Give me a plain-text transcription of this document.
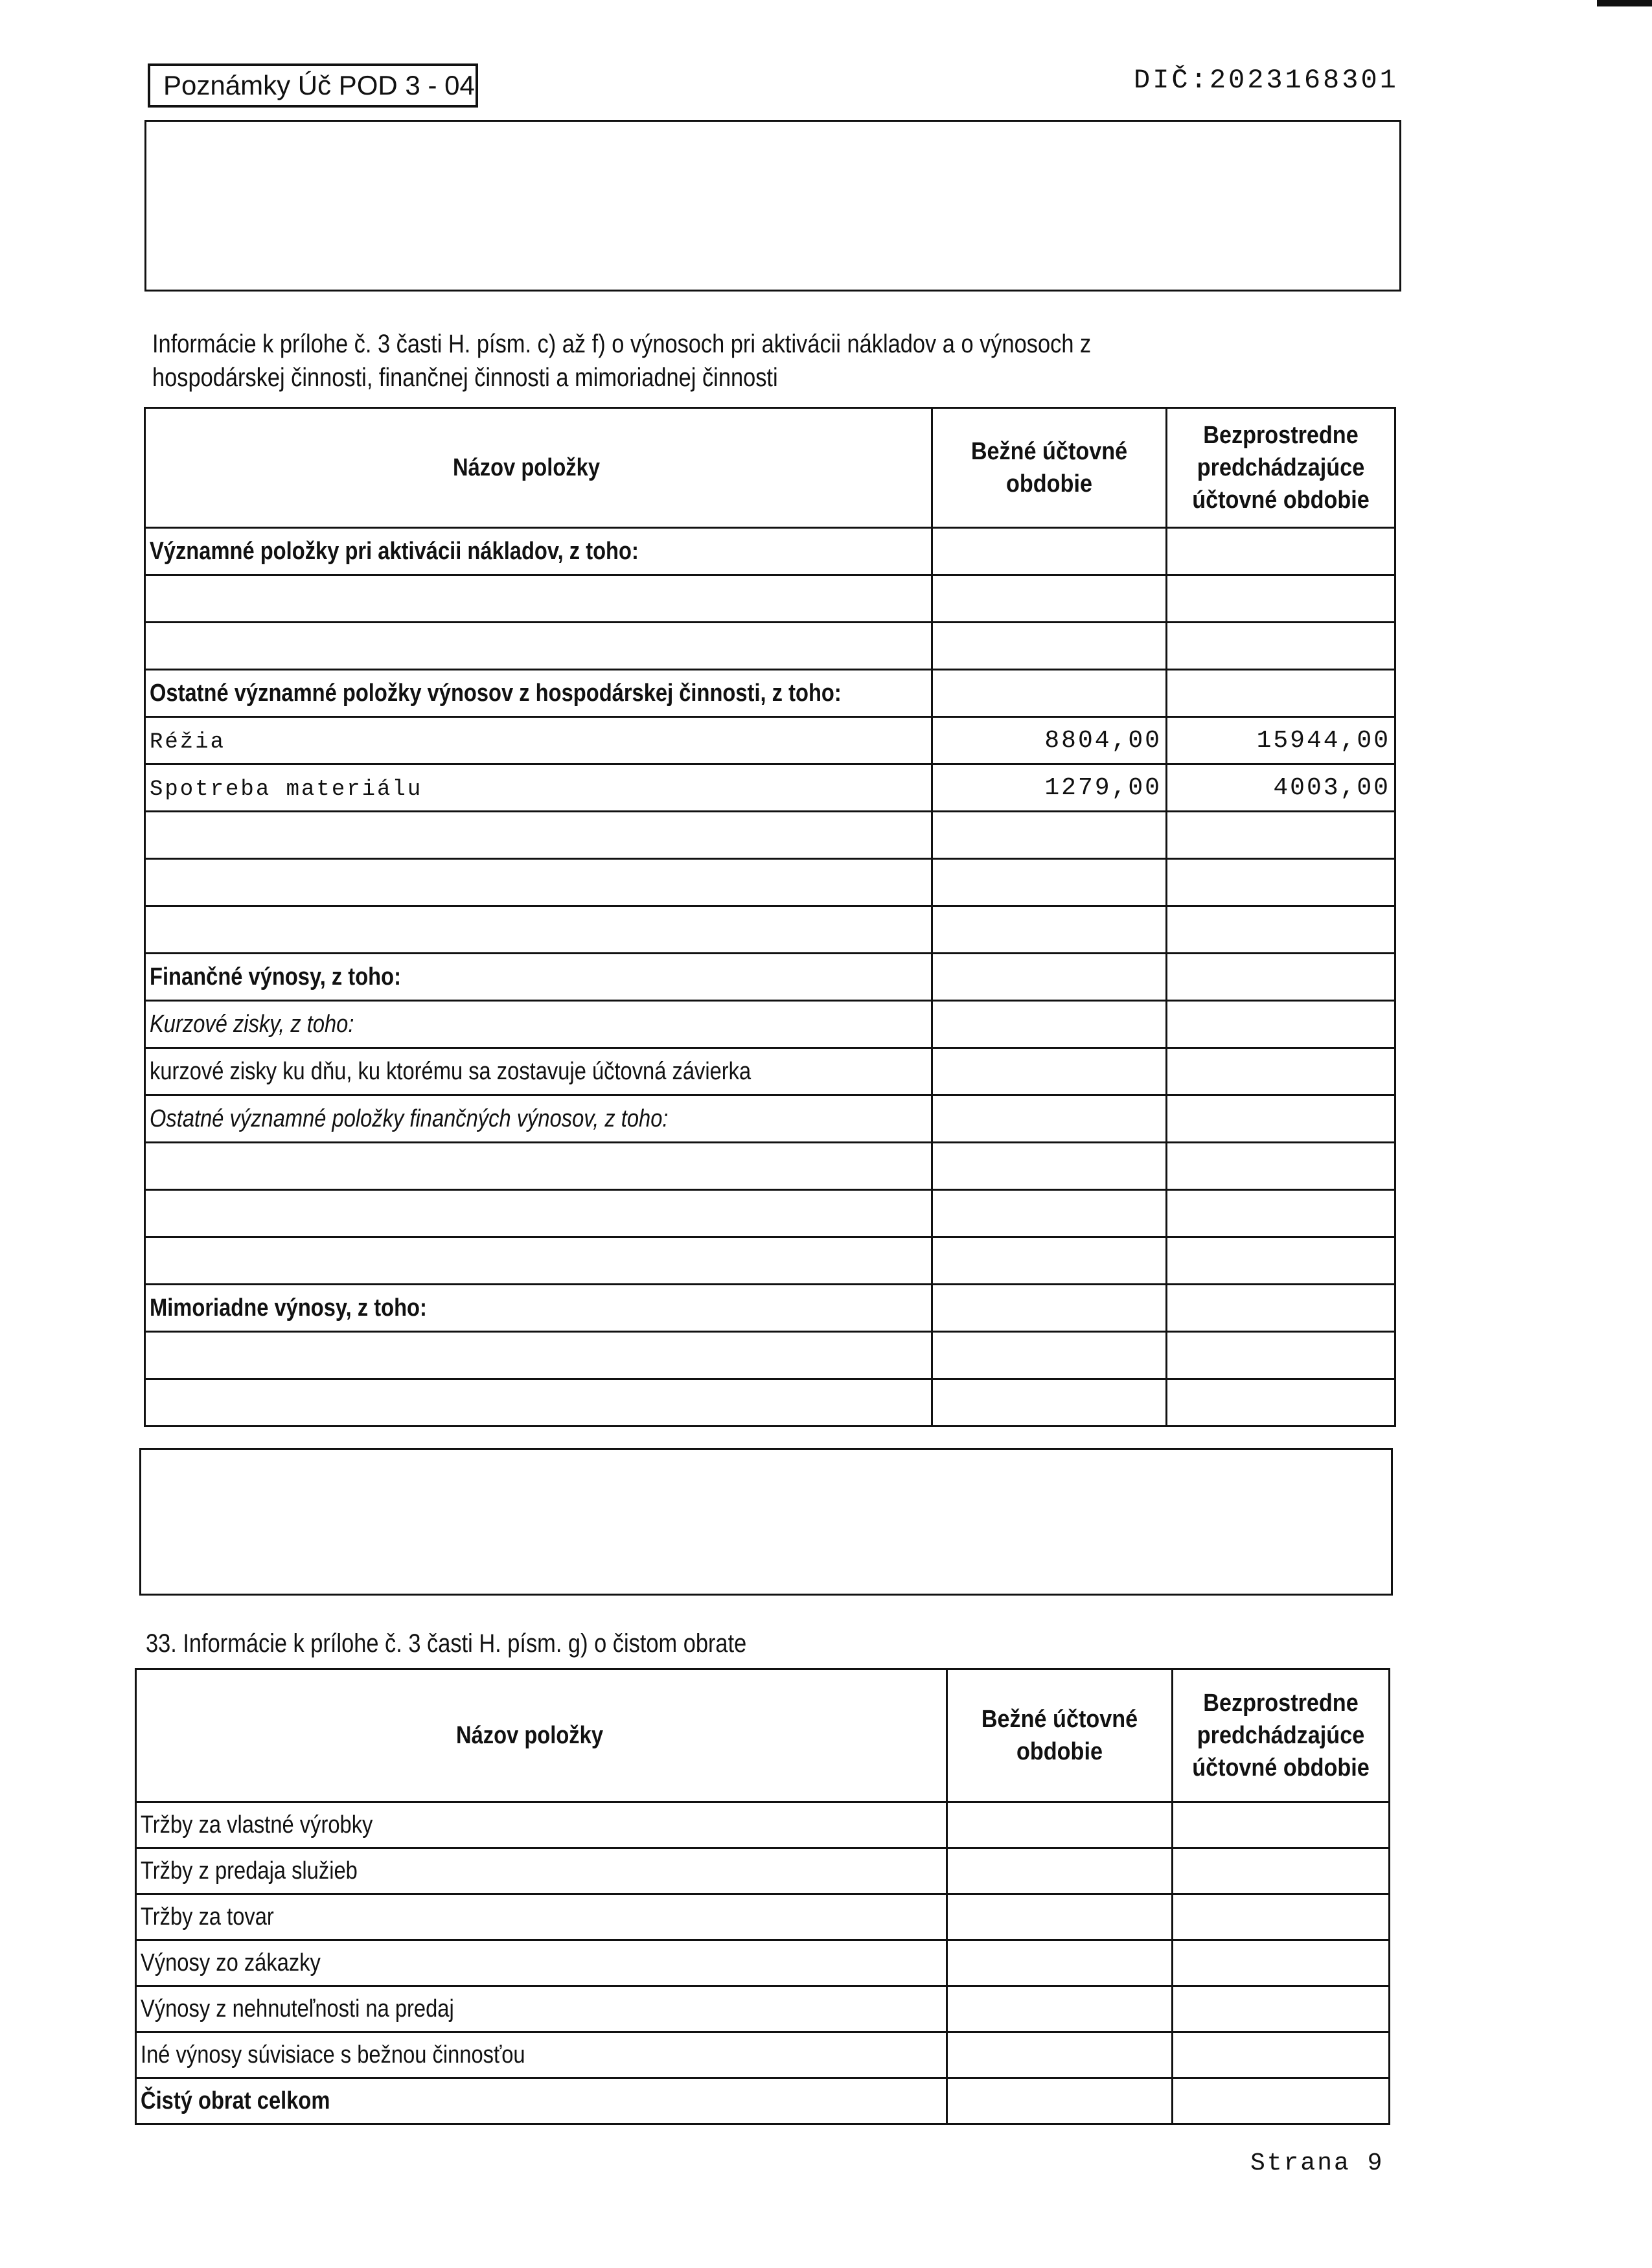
Poznámky Úč POD 3 - 04	DIČ:2023168301
Informácie k prílohe č. 3 časti H. písm. c) až f) o výnosoch pri aktivácii nákladov a o výnosoch z hospodárskej činnosti, finančnej činnosti a mimoriadnej činnosti
Názov položky	Bežné účtovné obdobie	Bezprostredne predchádzajúce účtovné obdobie

Významné položky pri aktivácii nákladov, z toho:		

Ostatné významné položky výnosov z hospodárskej činnosti, z toho:		
Réžia	8804,00	15944,00
Spotreba materiálu	1279,00	4003,00

Finančné výnosy, z toho:		
Kurzové zisky, z toho:		
kurzové zisky ku dňu, ku ktorému sa zostavuje účtovná závierka		
Ostatné významné položky finančných výnosov, z toho:		

Mimoriadne výnosy, z toho:		

33. Informácie k prílohe č. 3 časti H. písm. g) o čistom obrate
Názov položky	Bežné účtovné obdobie	Bezprostredne predchádzajúce účtovné obdobie

Tržby za vlastné výrobky		
Tržby z predaja služieb		
Tržby za tovar		
Výnosy zo zákazky		
Výnosy z nehnuteľnosti na predaj		
Iné výnosy súvisiace s bežnou činnosťou		
Čistý obrat celkom		
Strana 9
